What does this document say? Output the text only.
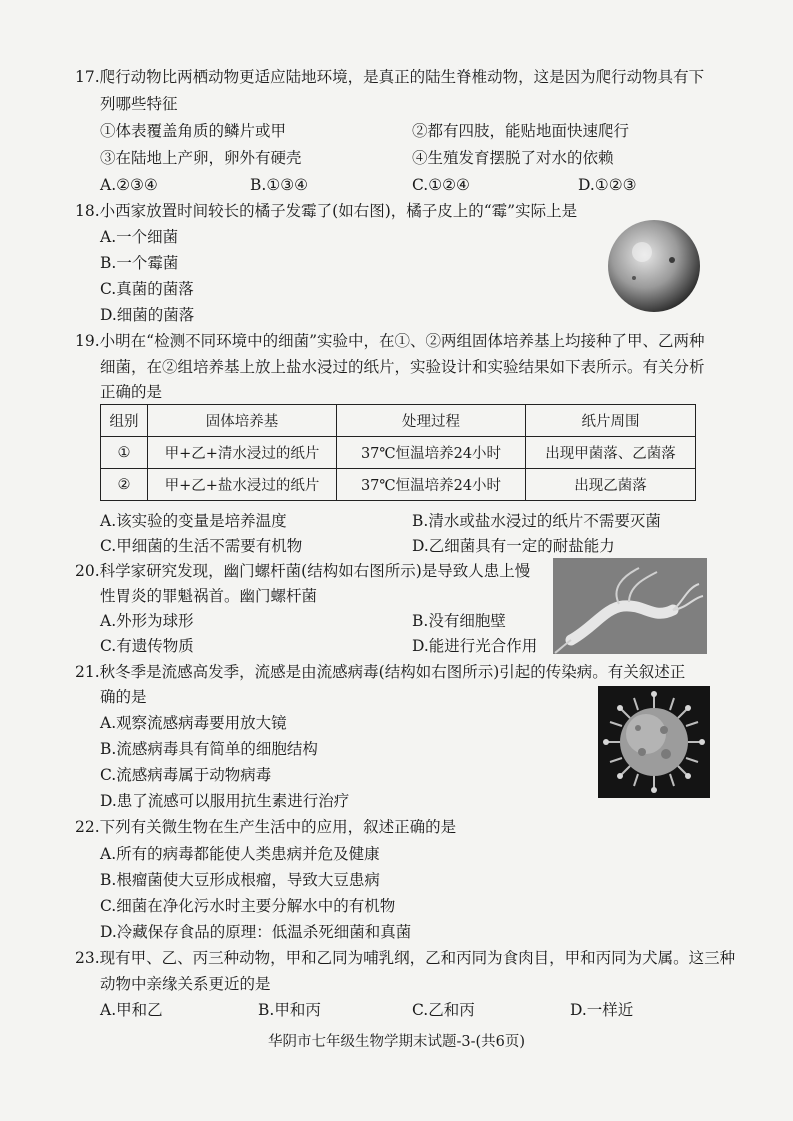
17.爬行动物比两栖动物更适应陆地环境，是真正的陆生脊椎动物，这是因为爬行动物具有下
列哪些特征
①体表覆盖角质的鳞片或甲	②都有四肢，能贴地面快速爬行
③在陆地上产卵，卵外有硬壳	④生殖发育摆脱了对水的依赖
A.②③④	B.①③④	C.①②④	D.①②③
18.小西家放置时间较长的橘子发霉了(如右图)，橘子皮上的“霉”实际上是
A.一个细菌
B.一个霉菌
C.真菌的菌落
D.细菌的菌落
19.小明在“检测不同环境中的细菌”实验中，在①、②两组固体培养基上均接种了甲、乙两种
细菌，在②组培养基上放上盐水浸过的纸片，实验设计和实验结果如下表所示。有关分析
正确的是
组别	固体培养基	处理过程	纸片周围
①	甲+乙+清水浸过的纸片	37℃恒温培养24小时	出现甲菌落、乙菌落
②	甲+乙+盐水浸过的纸片	37℃恒温培养24小时	出现乙菌落
A.该实验的变量是培养温度	B.清水或盐水浸过的纸片不需要灭菌
C.甲细菌的生活不需要有机物	D.乙细菌具有一定的耐盐能力
20.科学家研究发现，幽门螺杆菌(结构如右图所示)是导致人患上慢
性胃炎的罪魁祸首。幽门螺杆菌
A.外形为球形	B.没有细胞壁
C.有遗传物质	D.能进行光合作用
21.秋冬季是流感高发季，流感是由流感病毒(结构如右图所示)引起的传染病。有关叙述正
确的是
A.观察流感病毒要用放大镜
B.流感病毒具有简单的细胞结构
C.流感病毒属于动物病毒
D.患了流感可以服用抗生素进行治疗
22.下列有关微生物在生产生活中的应用，叙述正确的是
A.所有的病毒都能使人类患病并危及健康
B.根瘤菌使大豆形成根瘤，导致大豆患病
C.细菌在净化污水时主要分解水中的有机物
D.冷藏保存食品的原理：低温杀死细菌和真菌
23.现有甲、乙、丙三种动物，甲和乙同为哺乳纲，乙和丙同为食肉目，甲和丙同为犬属。这三种
动物中亲缘关系更近的是
A.甲和乙	B.甲和丙	C.乙和丙	D.一样近
华阴市七年级生物学期末试题-3-(共6页)
